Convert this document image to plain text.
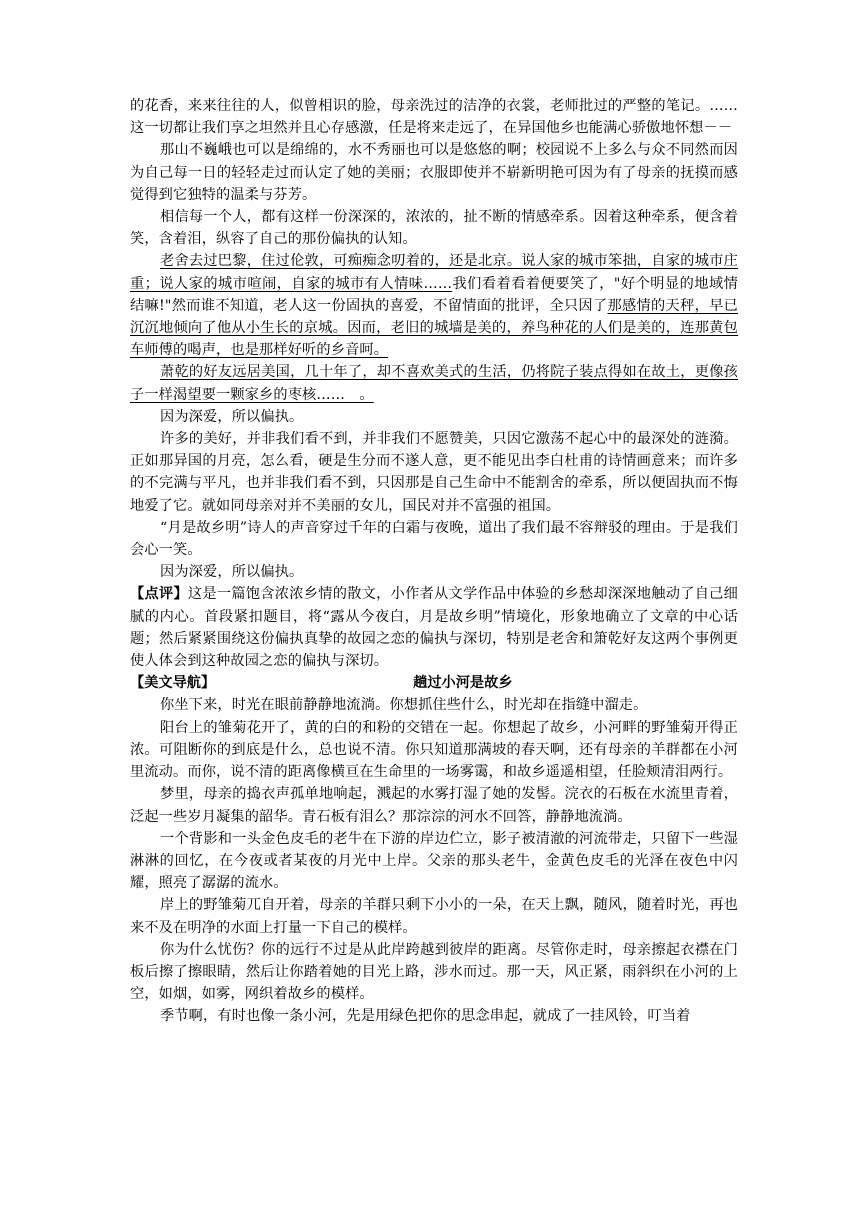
的花香，来来往往的人，似曾相识的脸，母亲洗过的洁净的衣裳，老师批过的严整的笔记。……这一切都让我们享之坦然并且心存感激，任是将来走远了，在异国他乡也能满心骄傲地怀想－－

那山不巍峨也可以是绵绵的，水不秀丽也可以是悠悠的啊；校园说不上多么与众不同然而因为自己每一日的轻轻走过而认定了她的美丽；衣服即使并不崭新明艳可因为有了母亲的抚摸而感觉得到它独特的温柔与芬芳。

相信每一个人，都有这样一份深深的，浓浓的，扯不断的情感牵系。因着这种牵系，便含着笑，含着泪，纵容了自己的那份偏执的认知。

老舍去过巴黎，住过伦敦，可痴痴念叨着的，还是北京。说人家的城市笨拙，自家的城市庄重；说人家的城市喧闹，自家的城市有人情味……我们看着看着便要笑了，"好个明显的地域情结嘛!"然而谁不知道，老人这一份固执的喜爱，不留情面的批评，全只因了那感情的天秤，早已沉沉地倾向了他从小生长的京城。因而，老旧的城墙是美的，养鸟种花的人们是美的，连那黄包车师傅的喝声，也是那样好听的乡音呵。

萧乾的好友远居美国，几十年了，却不喜欢美式的生活，仍将院子装点得如在故土，更像孩子一样渴望要一颗家乡的枣核……　。

因为深爱，所以偏执。

许多的美好，并非我们看不到，并非我们不愿赞美，只因它激荡不起心中的最深处的涟漪。正如那异国的月亮，怎么看，硬是生分而不遂人意，更不能见出李白杜甫的诗情画意来；而许多的不完满与平凡，也并非我们看不到，只因那是自己生命中不能割舍的牵系，所以便固执而不悔地爱了它。就如同母亲对并不美丽的女儿，国民对并不富强的祖国。

“月是故乡明”诗人的声音穿过千年的白霜与夜晚，道出了我们最不容辩驳的理由。于是我们会心一笑。

因为深爱，所以偏执。

【点评】这是一篇饱含浓浓乡情的散文，小作者从文学作品中体验的乡愁却深深地触动了自己细腻的内心。首段紧扣题目，将“露从今夜白，月是故乡明”情境化，形象地确立了文章的中心话题；然后紧紧围绕这份偏执真挚的故园之恋的偏执与深切，特别是老舍和箫乾好友这两个事例更使人体会到这种故园之恋的偏执与深切。

【美文导航】	趟过小河是故乡

你坐下来，时光在眼前静静地流淌。你想抓住些什么，时光却在指缝中溜走。

阳台上的雏菊花开了，黄的白的和粉的交错在一起。你想起了故乡，小河畔的野雏菊开得正浓。可阻断你的到底是什么，总也说不清。你只知道那满坡的春天啊，还有母亲的羊群都在小河里流动。而你，说不清的距离像横亘在生命里的一场雾霭，和故乡遥遥相望，任脸颊清泪两行。

梦里，母亲的捣衣声孤单地响起，溅起的水雾打湿了她的发髻。浣衣的石板在水流里青着，泛起一些岁月凝集的韶华。青石板有泪么？那淙淙的河水不回答，静静地流淌。

一个背影和一头金色皮毛的老牛在下游的岸边伫立，影子被清澈的河流带走，只留下一些湿淋淋的回忆，在今夜或者某夜的月光中上岸。父亲的那头老牛，金黄色皮毛的光泽在夜色中闪耀，照亮了潺潺的流水。

岸上的野雏菊兀自开着，母亲的羊群只剩下小小的一朵，在天上飘，随风，随着时光，再也来不及在明净的水面上打量一下自己的模样。

你为什么忧伤？你的远行不过是从此岸跨越到彼岸的距离。尽管你走时，母亲擦起衣襟在门板后擦了擦眼睛，然后让你踏着她的目光上路，涉水而过。那一天，风正紧，雨斜织在小河的上空，如烟，如雾，网织着故乡的模样。

季节啊，有时也像一条小河，先是用绿色把你的思念串起，就成了一挂风铃，叮当着
